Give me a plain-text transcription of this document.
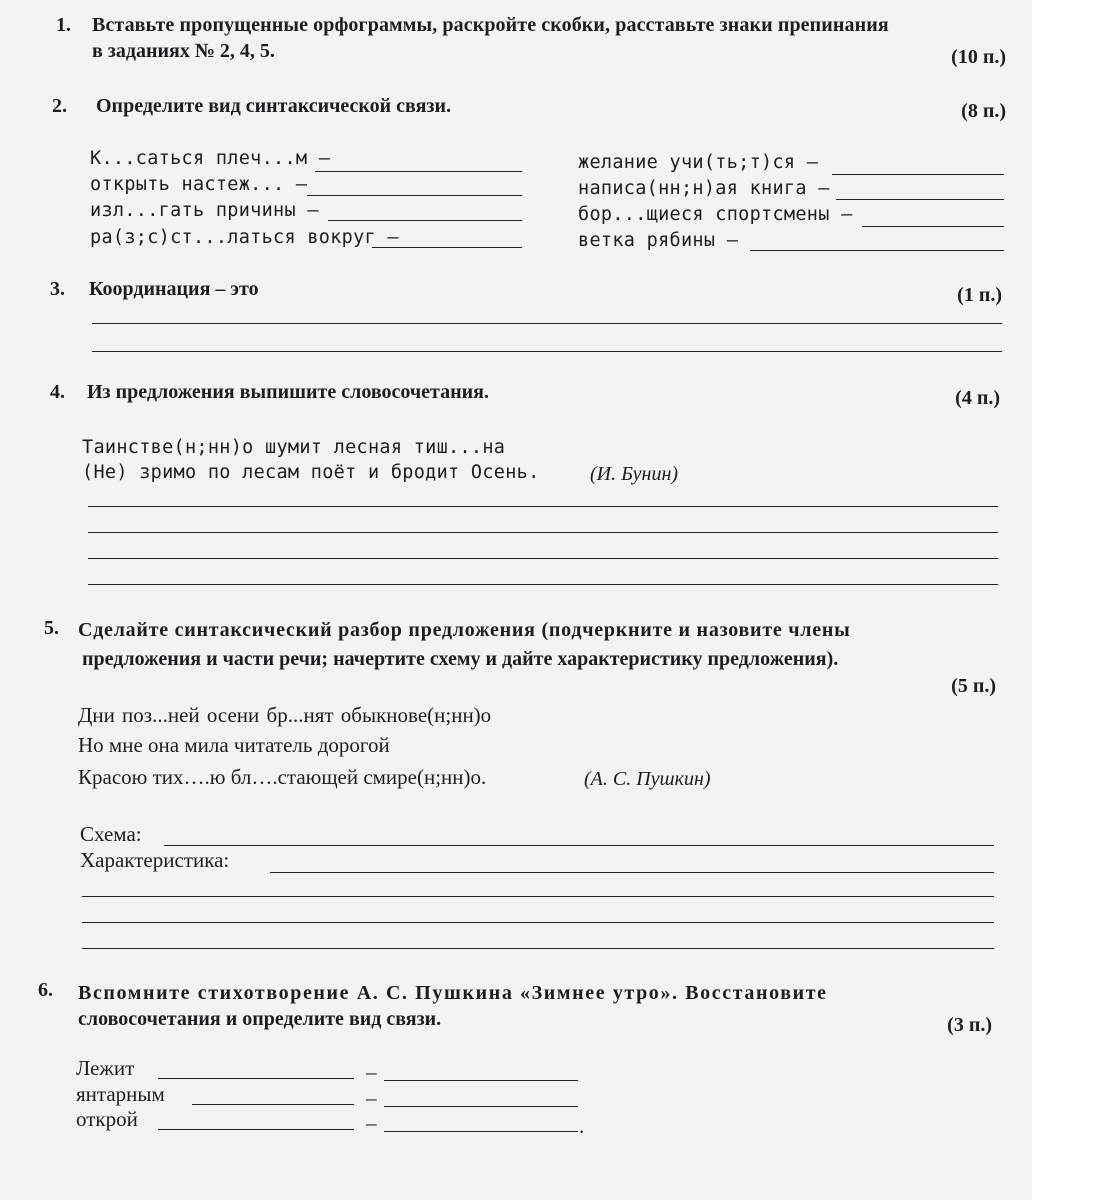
1. Вставьте пропущенные орфограммы, раскройте скобки, расставьте знаки препинания
в заданиях № 2, 4, 5.	(10 п.)
2. Определите вид синтаксической связи.	(8 п.)
К...саться плеч...м –
открыть настеж... –
изл...гать причины –
ра(з;с)ст...латься вокруг –
желание учи(ть;т)ся –
написа(нн;н)ая книга –
бор...щиеся спортсмены –
ветка рябины –
3. Координация – это	(1 п.)
4. Из предложения выпишите словосочетания.	(4 п.)
Таинстве(н;нн)о шумит лесная тиш...на
(Не) зримо по лесам поёт и бродит Осень.	(И. Бунин)
5. Сделайте синтаксический разбор предложения (подчеркните и назовите члены
предложения и части речи; начертите схему и дайте характеристику предложения).
(5 п.)
Дни поз...ней осени бр...нят обыкнове(н;нн)о
Но мне она мила читатель дорогой
Красою тих….ю бл….стающей смире(н;нн)о.	(А. С. Пушкин)
Схема:
Характеристика:
6. Вспомните стихотворение А. С. Пушкина «Зимнее утро». Восстановите
словосочетания и определите вид связи.	(3 п.)
Лежит	–
янтарным	–
открой	–	.
